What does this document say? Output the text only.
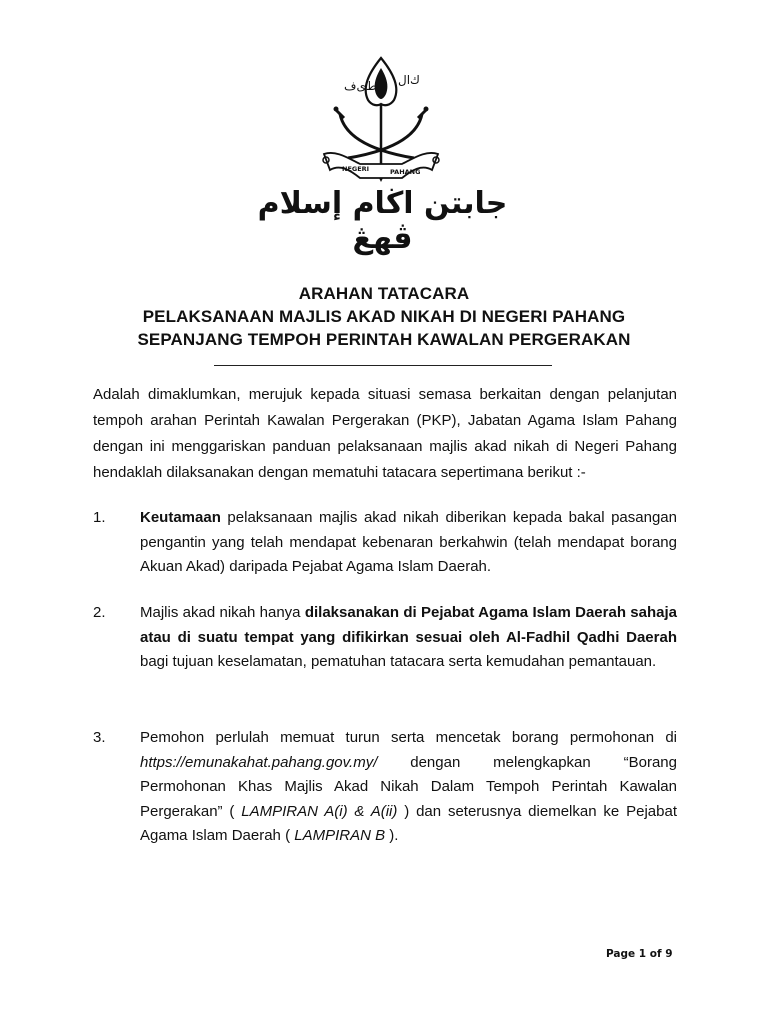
ﻁﻯﻑ ﻙﺍﻝ
NEGERI	PAHANG
جابتن اڬام إسلام ڤهڠ
ARAHAN TATACARA
PELAKSANAAN MAJLIS AKAD NIKAH DI NEGERI PAHANG
SEPANJANG TEMPOH PERINTAH KAWALAN PERGERAKAN

Adalah dimaklumkan, merujuk kepada situasi semasa berkaitan dengan pelanjutan tempoh arahan Perintah Kawalan Pergerakan (PKP), Jabatan Agama Islam Pahang dengan ini menggariskan panduan pelaksanaan majlis akad nikah di Negeri Pahang hendaklah dilaksanakan dengan mematuhi tatacara sepertimana berikut :-

1. Keutamaan pelaksanaan majlis akad nikah diberikan kepada bakal pasangan pengantin yang telah mendapat kebenaran berkahwin (telah mendapat borang Akuan Akad) daripada Pejabat Agama Islam Daerah.
2. Majlis akad nikah hanya dilaksanakan di Pejabat Agama Islam Daerah sahaja atau di suatu tempat yang difikirkan sesuai oleh Al-Fadhil Qadhi Daerah bagi tujuan keselamatan, pematuhan tatacara serta kemudahan pemantauan.
3. Pemohon perlulah memuat turun serta mencetak borang permohonan di https://emunakahat.pahang.gov.my/ dengan melengkapkan “Borang Permohonan Khas Majlis Akad Nikah Dalam Tempoh Perintah Kawalan Pergerakan” ( LAMPIRAN A(i) & A(ii) ) dan seterusnya diemelkan ke Pejabat Agama Islam Daerah ( LAMPIRAN B ).
Page 1 of 9
